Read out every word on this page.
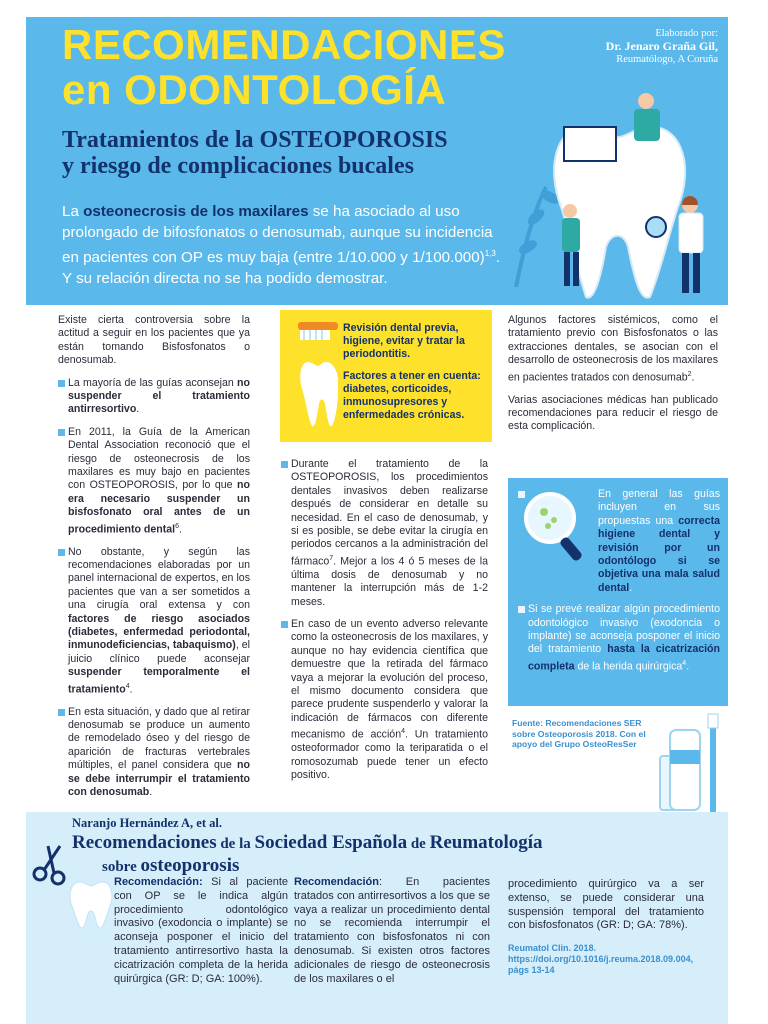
RECOMENDACIONES
en ODONTOLOGÍA
Tratamientos de la OSTEOPOROSIS
y riesgo de complicaciones bucales
La osteonecrosis de los maxilares se ha asociado al uso prolongado de bifosfonatos o denosumab, aunque su incidencia en pacientes con OP es muy baja (entre 1/10.000 y 1/100.000)$^{1,3}$. Y su relación directa no se ha podido demostrar.
Elaborado por:
Dr. Jenaro Graña Gil,
Reumatólogo, A Coruña

Existe cierta controversia sobre la actitud a seguir en los pacientes que ya están tomando Bisfosfonatos o denosumab.

La mayoría de las guías aconsejan no suspender el tratamiento antirresortivo.

En 2011, la Guía de la American Dental Association reconoció que el riesgo de osteonecrosis de los maxilares es muy bajo en pacientes con OSTEOPOROSIS, por lo que no era necesario suspender un bisfosfonato oral antes de un procedimiento dental$^6$.

No obstante, y según las recomendaciones elaboradas por un panel internacional de expertos, en los pacientes que van a ser sometidos a una cirugía oral extensa y con factores de riesgo asociados (diabetes, enfermedad periodontal, inmunodeficiencias, tabaquismo), el juicio clínico puede aconsejar suspender temporalmente el tratamiento$^4$.

En esta situación, y dado que al retirar denosumab se produce un aumento de remodelado óseo y del riesgo de aparición de fracturas vertebrales múltiples, el panel considera que no se debe interrumpir el tratamiento con denosumab.

Revisión dental previa, higiene, evitar y tratar la periodontitis.

Factores a tener en cuenta: diabetes, corticoides, inmunosupresores y enfermedades crónicas.

Durante el tratamiento de la OSTEOPOROSIS, los procedimientos dentales invasivos deben realizarse después de considerar en detalle su necesidad. En el caso de denosumab, y si es posible, se debe evitar la cirugía en periodos cercanos a la administración del fármaco$^7$. Mejor a los 4 ó 5 meses de la última dosis de denosumab y no mantener la interrupción más de 1-2 meses.

En caso de un evento adverso relevante como la osteonecrosis de los maxilares, y aunque no hay evidencia científica que demuestre que la retirada del fármaco vaya a mejorar la evolución del proceso, el mismo documento considera que parece prudente suspenderlo y valorar la indicación de fármacos con diferente mecanismo de acción$^4$. Un tratamiento osteoformador como la teriparatida o el romosozumab puede tener un efecto positivo.

Algunos factores sistémicos, como el tratamiento previo con Bisfosfonatos o las extracciones dentales, se asocian con el desarrollo de osteonecrosis de los maxilares en pacientes tratados con denosumab$^2$.

Varias asociaciones médicas han publicado recomendaciones para reducir el riesgo de esta complicación.

En general las guías incluyen en sus propuestas una correcta higiene dental y revisión por un odontólogo si se objetiva una mala salud dental.

Si se prevé realizar algún procedimiento odontológico invasivo (exodoncia o implante) se aconseja posponer el inicio del tratamiento hasta la cicatrización completa de la herida quirúrgica$^4$.

Fuente: Recomendaciones SER sobre Osteoporosis 2018. Con el apoyo del Grupo OsteoResSer
Naranjo Hernández A, et al.
Recomendaciones de la Sociedad Española de Reumatología
sobre osteoporosis

Recomendación: Si al paciente con OP se le indica algún procedimiento odontológico invasivo (exodoncia o implante) se aconseja posponer el inicio del tratamiento antirresortivo hasta la cicatrización completa de la herida quirúrgica (GR: D; GA: 100%).

Recomendación: En pacientes tratados con antirresortivos a los que se vaya a realizar un procedimiento dental no se recomienda interrumpir el tratamiento con bisfosfonatos ni con denosumab. Si existen otros factores adicionales de riesgo de osteonecrosis de los maxilares o el

procedimiento quirúrgico va a ser extenso, se puede considerar una suspensión temporal del tratamiento con bisfosfonatos (GR: D; GA: 78%).

Reumatol Clin. 2018. https://doi.org/10.1016/j.reuma.2018.09.004, págs 13-14
